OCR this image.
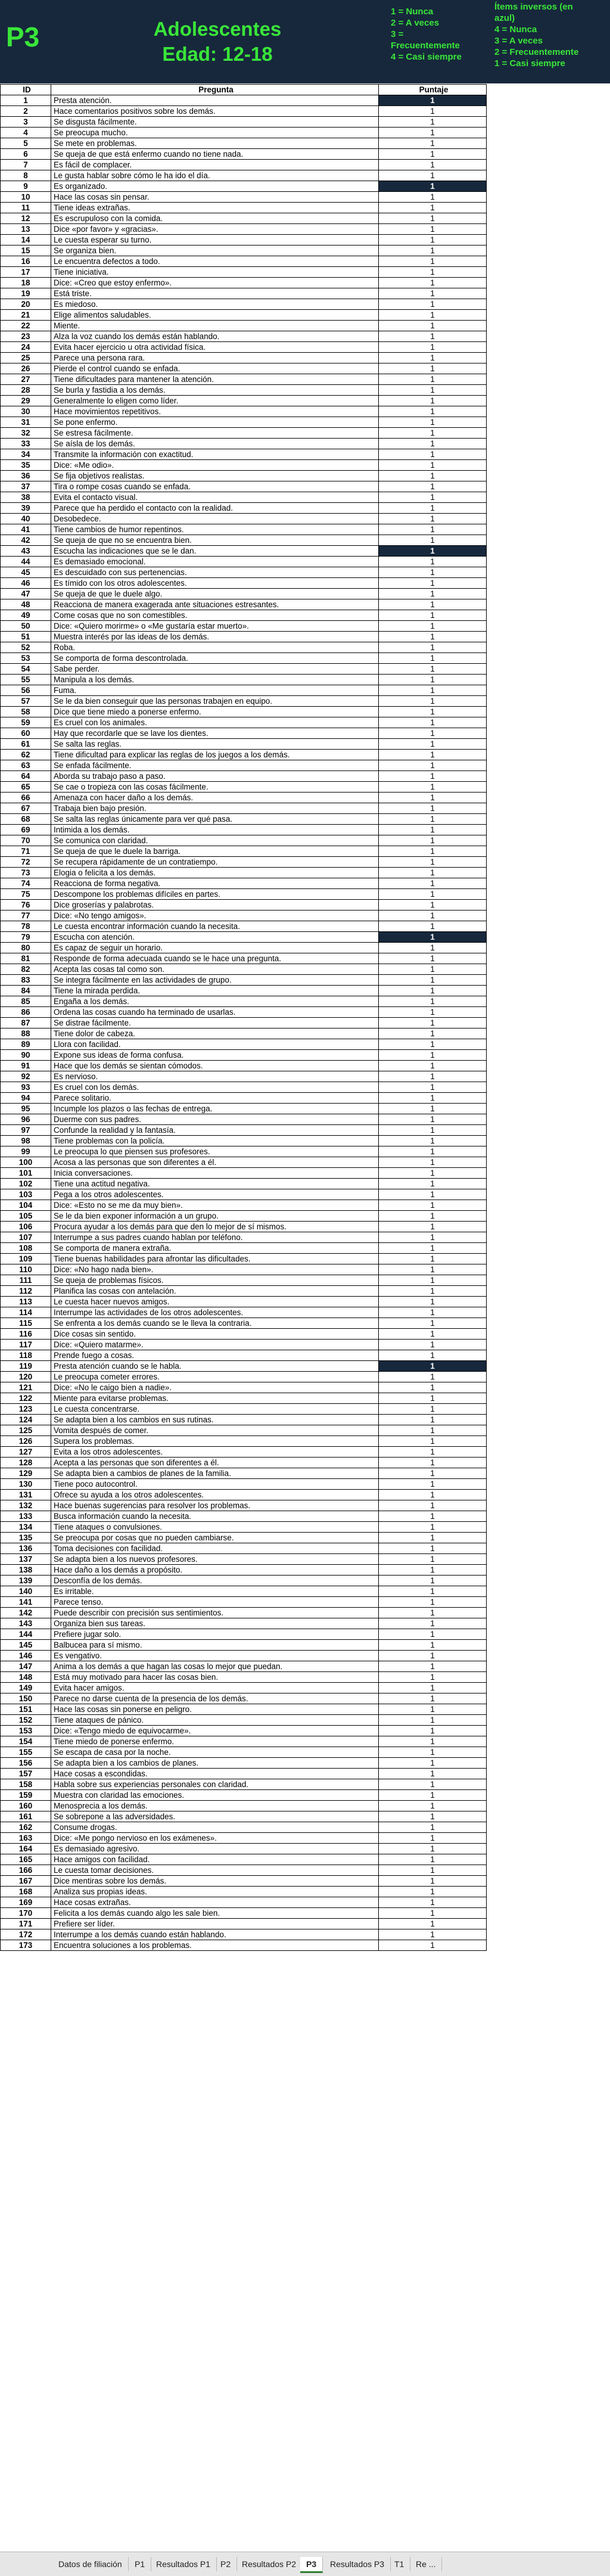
P3	Adolescentes
Edad: 12-18
1 = Nunca
2 = A veces
3 =
Frecuentemente
4 = Casi siempre
Ítems inversos (en
azul)
4 = Nunca
3 = A veces
2 = Frecuentemente
1 = Casi siempre
ID	Pregunta	Puntaje
1	Presta atención.	1
2	Hace comentarios positivos sobre los demás.	1
3	Se disgusta fácilmente.	1
4	Se preocupa mucho.	1
5	Se mete en problemas.	1
6	Se queja de que está enfermo cuando no tiene nada.	1
7	Es fácil de complacer.	1
8	Le gusta hablar sobre cómo le ha ido el día.	1
9	Es organizado.	1
10	Hace las cosas sin pensar.	1
11	Tiene ideas extrañas.	1
12	Es escrupuloso con la comida.	1
13	Dice «por favor» y «gracias».	1
14	Le cuesta esperar su turno.	1
15	Se organiza bien.	1
16	Le encuentra defectos a todo.	1
17	Tiene iniciativa.	1
18	Dice: «Creo que estoy enfermo».	1
19	Está triste.	1
20	Es miedoso.	1
21	Elige alimentos saludables.	1
22	Miente.	1
23	Alza la voz cuando los demás están hablando.	1
24	Evita hacer ejercicio u otra actividad física.	1
25	Parece una persona rara.	1
26	Pierde el control cuando se enfada.	1
27	Tiene dificultades para mantener la atención.	1
28	Se burla y fastidia a los demás.	1
29	Generalmente lo eligen como líder.	1
30	Hace movimientos repetitivos.	1
31	Se pone enfermo.	1
32	Se estresa fácilmente.	1
33	Se aísla de los demás.	1
34	Transmite la información con exactitud.	1
35	Dice: «Me odio».	1
36	Se fija objetivos realistas.	1
37	Tira o rompe cosas cuando se enfada.	1
38	Evita el contacto visual.	1
39	Parece que ha perdido el contacto con la realidad.	1
40	Desobedece.	1
41	Tiene cambios de humor repentinos.	1
42	Se queja de que no se encuentra bien.	1
43	Escucha las indicaciones que se le dan.	1
44	Es demasiado emocional.	1
45	Es descuidado con sus pertenencias.	1
46	Es tímido con los otros adolescentes.	1
47	Se queja de que le duele algo.	1
48	Reacciona de manera exagerada ante situaciones estresantes.	1
49	Come cosas que no son comestibles.	1
50	Dice: «Quiero morirme» o «Me gustaría estar muerto».	1
51	Muestra interés por las ideas de los demás.	1
52	Roba.	1
53	Se comporta de forma descontrolada.	1
54	Sabe perder.	1
55	Manipula a los demás.	1
56	Fuma.	1
57	Se le da bien conseguir que las personas trabajen en equipo.	1
58	Dice que tiene miedo a ponerse enfermo.	1
59	Es cruel con los animales.	1
60	Hay que recordarle que se lave los dientes.	1
61	Se salta las reglas.	1
62	Tiene dificultad para explicar las reglas de los juegos a los demás.	1
63	Se enfada fácilmente.	1
64	Aborda su trabajo paso a paso.	1
65	Se cae o tropieza con las cosas fácilmente.	1
66	Amenaza con hacer daño a los demás.	1
67	Trabaja bien bajo presión.	1
68	Se salta las reglas únicamente para ver qué pasa.	1
69	Intimida a los demás.	1
70	Se comunica con claridad.	1
71	Se queja de que le duele la barriga.	1
72	Se recupera rápidamente de un contratiempo.	1
73	Elogia o felicita a los demás.	1
74	Reacciona de forma negativa.	1
75	Descompone los problemas difíciles en partes.	1
76	Dice groserías y palabrotas.	1
77	Dice: «No tengo amigos».	1
78	Le cuesta encontrar información cuando la necesita.	1
79	Escucha con atención.	1
80	Es capaz de seguir un horario.	1
81	Responde de forma adecuada cuando se le hace una pregunta.	1
82	Acepta las cosas tal como son.	1
83	Se integra fácilmente en las actividades de grupo.	1
84	Tiene la mirada perdida.	1
85	Engaña a los demás.	1
86	Ordena las cosas cuando ha terminado de usarlas.	1
87	Se distrae fácilmente.	1
88	Tiene dolor de cabeza.	1
89	Llora con facilidad.	1
90	Expone sus ideas de forma confusa.	1
91	Hace que los demás se sientan cómodos.	1
92	Es nervioso.	1
93	Es cruel con los demás.	1
94	Parece solitario.	1
95	Incumple los plazos o las fechas de entrega.	1
96	Duerme con sus padres.	1
97	Confunde la realidad y la fantasía.	1
98	Tiene problemas con la policía.	1
99	Le preocupa lo que piensen sus profesores.	1
100	Acosa a las personas que son diferentes a él.	1
101	Inicia conversaciones.	1
102	Tiene una actitud negativa.	1
103	Pega a los otros adolescentes.	1
104	Dice: «Esto no se me da muy bien».	1
105	Se le da bien exponer información a un grupo.	1
106	Procura ayudar a los demás para que den lo mejor de sí mismos.	1
107	Interrumpe a sus padres cuando hablan por teléfono.	1
108	Se comporta de manera extraña.	1
109	Tiene buenas habilidades para afrontar las dificultades.	1
110	Dice: «No hago nada bien».	1
111	Se queja de problemas físicos.	1
112	Planifica las cosas con antelación.	1
113	Le cuesta hacer nuevos amigos.	1
114	Interrumpe las actividades de los otros adolescentes.	1
115	Se enfrenta a los demás cuando se le lleva la contraria.	1
116	Dice cosas sin sentido.	1
117	Dice: «Quiero matarme».	1
118	Prende fuego a cosas.	1
119	Presta atención cuando se le habla.	1
120	Le preocupa cometer errores.	1
121	Dice: «No le caigo bien a nadie».	1
122	Miente para evitarse problemas.	1
123	Le cuesta concentrarse.	1
124	Se adapta bien a los cambios en sus rutinas.	1
125	Vomita después de comer.	1
126	Supera los problemas.	1
127	Evita a los otros adolescentes.	1
128	Acepta a las personas que son diferentes a él.	1
129	Se adapta bien a cambios de planes de la familia.	1
130	Tiene poco autocontrol.	1
131	Ofrece su ayuda a los otros adolescentes.	1
132	Hace buenas sugerencias para resolver los problemas.	1
133	Busca información cuando la necesita.	1
134	Tiene ataques o convulsiones.	1
135	Se preocupa por cosas que no pueden cambiarse.	1
136	Toma decisiones con facilidad.	1
137	Se adapta bien a los nuevos profesores.	1
138	Hace daño a los demás a propósito.	1
139	Desconfía de los demás.	1
140	Es irritable.	1
141	Parece tenso.	1
142	Puede describir con precisión sus sentimientos.	1
143	Organiza bien sus tareas.	1
144	Prefiere jugar solo.	1
145	Balbucea para sí mismo.	1
146	Es vengativo.	1
147	Anima a los demás a que hagan las cosas lo mejor que puedan.	1
148	Está muy motivado para hacer las cosas bien.	1
149	Evita hacer amigos.	1
150	Parece no darse cuenta de la presencia de los demás.	1
151	Hace las cosas sin ponerse en peligro.	1
152	Tiene ataques de pánico.	1
153	Dice: «Tengo miedo de equivocarme».	1
154	Tiene miedo de ponerse enfermo.	1
155	Se escapa de casa por la noche.	1
156	Se adapta bien a los cambios de planes.	1
157	Hace cosas a escondidas.	1
158	Habla sobre sus experiencias personales con claridad.	1
159	Muestra con claridad las emociones.	1
160	Menosprecia a los demás.	1
161	Se sobrepone a las adversidades.	1
162	Consume drogas.	1
163	Dice: «Me pongo nervioso en los exámenes».	1
164	Es demasiado agresivo.	1
165	Hace amigos con facilidad.	1
166	Le cuesta tomar decisiones.	1
167	Dice mentiras sobre los demás.	1
168	Analiza sus propias ideas.	1
169	Hace cosas extrañas.	1
170	Felicita a los demás cuando algo les sale bien.	1
171	Prefiere ser líder.	1
172	Interrumpe a los demás cuando están hablando.	1
173	Encuentra soluciones a los problemas.	1
Datos de filiación	P1	Resultados P1	P2	Resultados P2	P3	Resultados P3	T1	Re ...
